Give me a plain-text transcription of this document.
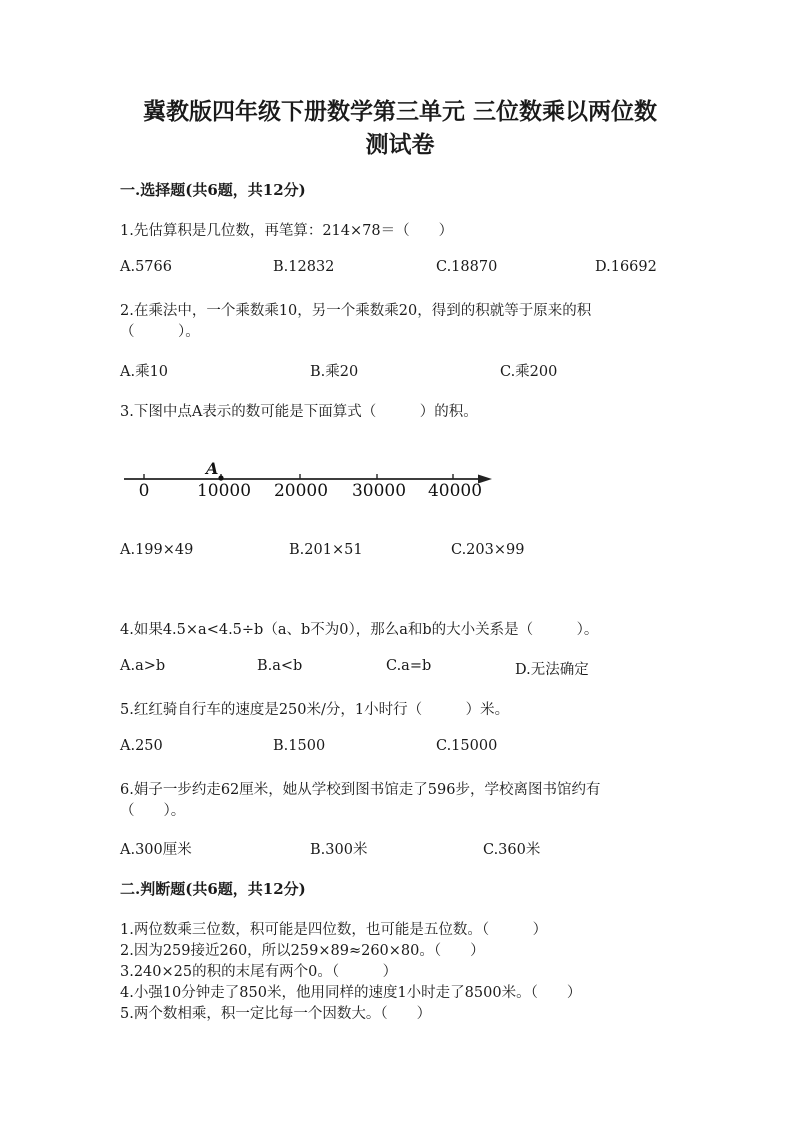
冀教版四年级下册数学第三单元 三位数乘以两位数
测试卷
一.选择题(共6题，共12分)
1.先估算积是几位数，再笔算：214×78＝（　　）
A.5766	B.12832	C.18870	D.16692
2.在乘法中，一个乘数乘10，另一个乘数乘20，得到的积就等于原来的积
（　　　）。
A.乘10	B.乘20	C.乘200
3.下图中点A表示的数可能是下面算式（　　　）的积。
A
0	10000 20000 30000 40000
A.199×49	B.201×51	C.203×99
4.如果4.5×a<4.5÷b（a、b不为0），那么a和b的大小关系是（　　　）。
A.a>b	B.a<b	C.a=b	D.无法确定
5.红红骑自行车的速度是250米/分，1小时行（　　　）米。
A.250	B.1500	C.15000
6.娟子一步约走62厘米，她从学校到图书馆走了596步，学校离图书馆约有
（　　）。
A.300厘米	B.300米	C.360米
二.判断题(共6题，共12分)
1.两位数乘三位数，积可能是四位数，也可能是五位数。（　　　）
2.因为259接近260，所以259×89≈260×80。（　　）
3.240×25的积的末尾有两个0。（　　　）
4.小强10分钟走了850米，他用同样的速度1小时走了8500米。（　　）
5.两个数相乘，积一定比每一个因数大。（　　）
